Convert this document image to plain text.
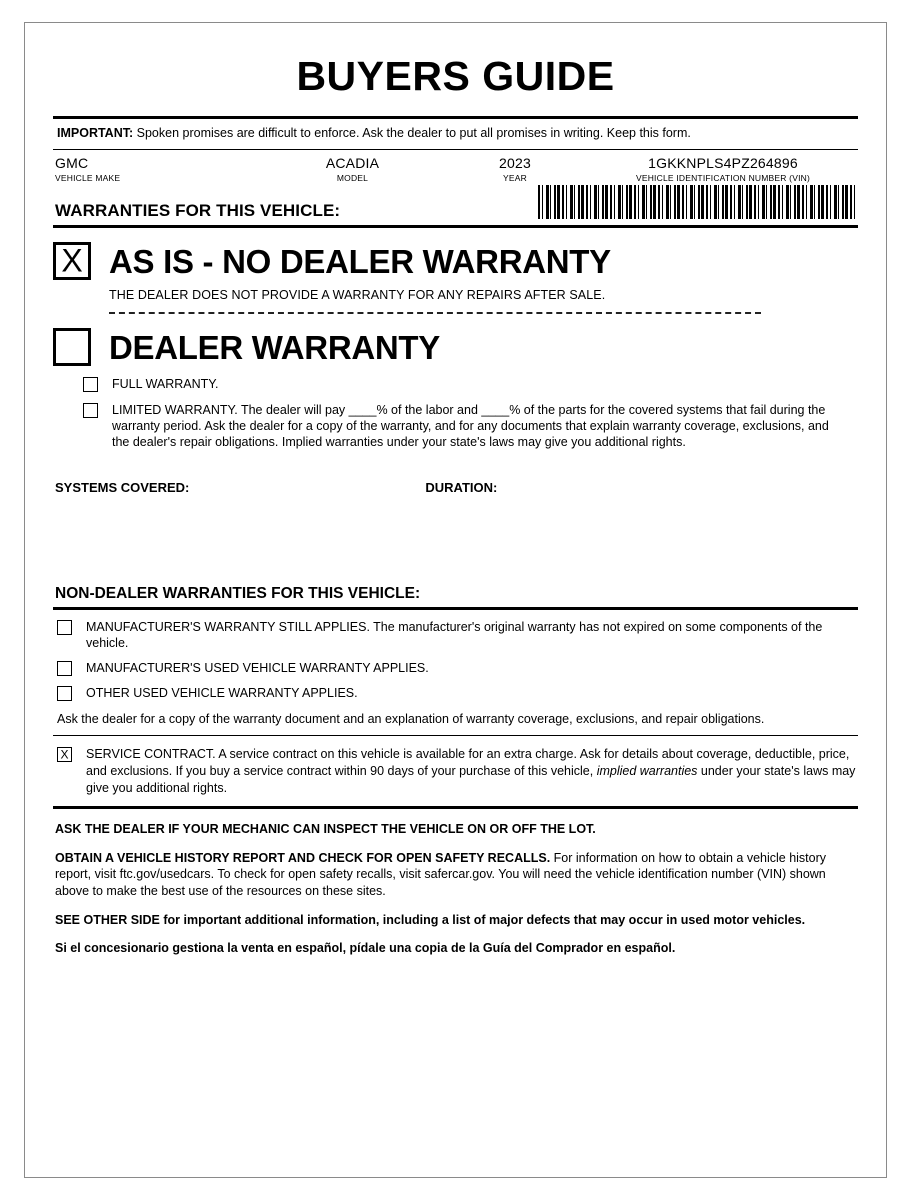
BUYERS GUIDE
IMPORTANT: Spoken promises are difficult to enforce. Ask the dealer to put all promises in writing. Keep this form.
GMC
VEHICLE MAKE
ACADIA
MODEL
2023
YEAR
1GKKNPLS4PZ264896
VEHICLE IDENTIFICATION NUMBER (VIN)
WARRANTIES FOR THIS VEHICLE:
X AS IS - NO DEALER WARRANTY
THE DEALER DOES NOT PROVIDE A WARRANTY FOR ANY REPAIRS AFTER SALE.
DEALER WARRANTY
FULL WARRANTY.
LIMITED WARRANTY. The dealer will pay ____% of the labor and ____% of the parts for the covered systems that fail during the warranty period. Ask the dealer for a copy of the warranty, and for any documents that explain warranty coverage, exclusions, and the dealer's repair obligations. Implied warranties under your state's laws may give you additional rights.
SYSTEMS COVERED:	DURATION:
NON-DEALER WARRANTIES FOR THIS VEHICLE:
MANUFACTURER'S WARRANTY STILL APPLIES. The manufacturer's original warranty has not expired on some components of the vehicle.
MANUFACTURER'S USED VEHICLE WARRANTY APPLIES.
OTHER USED VEHICLE WARRANTY APPLIES.
Ask the dealer for a copy of the warranty document and an explanation of warranty coverage, exclusions, and repair obligations.
X SERVICE CONTRACT. A service contract on this vehicle is available for an extra charge. Ask for details about coverage, deductible, price, and exclusions. If you buy a service contract within 90 days of your purchase of this vehicle, implied warranties under your state's laws may give you additional rights.
ASK THE DEALER IF YOUR MECHANIC CAN INSPECT THE VEHICLE ON OR OFF THE LOT.
OBTAIN A VEHICLE HISTORY REPORT AND CHECK FOR OPEN SAFETY RECALLS. For information on how to obtain a vehicle history report, visit ftc.gov/usedcars. To check for open safety recalls, visit safercar.gov. You will need the vehicle identification number (VIN) shown above to make the best use of the resources on these sites.
SEE OTHER SIDE for important additional information, including a list of major defects that may occur in used motor vehicles.
Si el concesionario gestiona la venta en español, pídale una copia de la Guía del Comprador en español.
